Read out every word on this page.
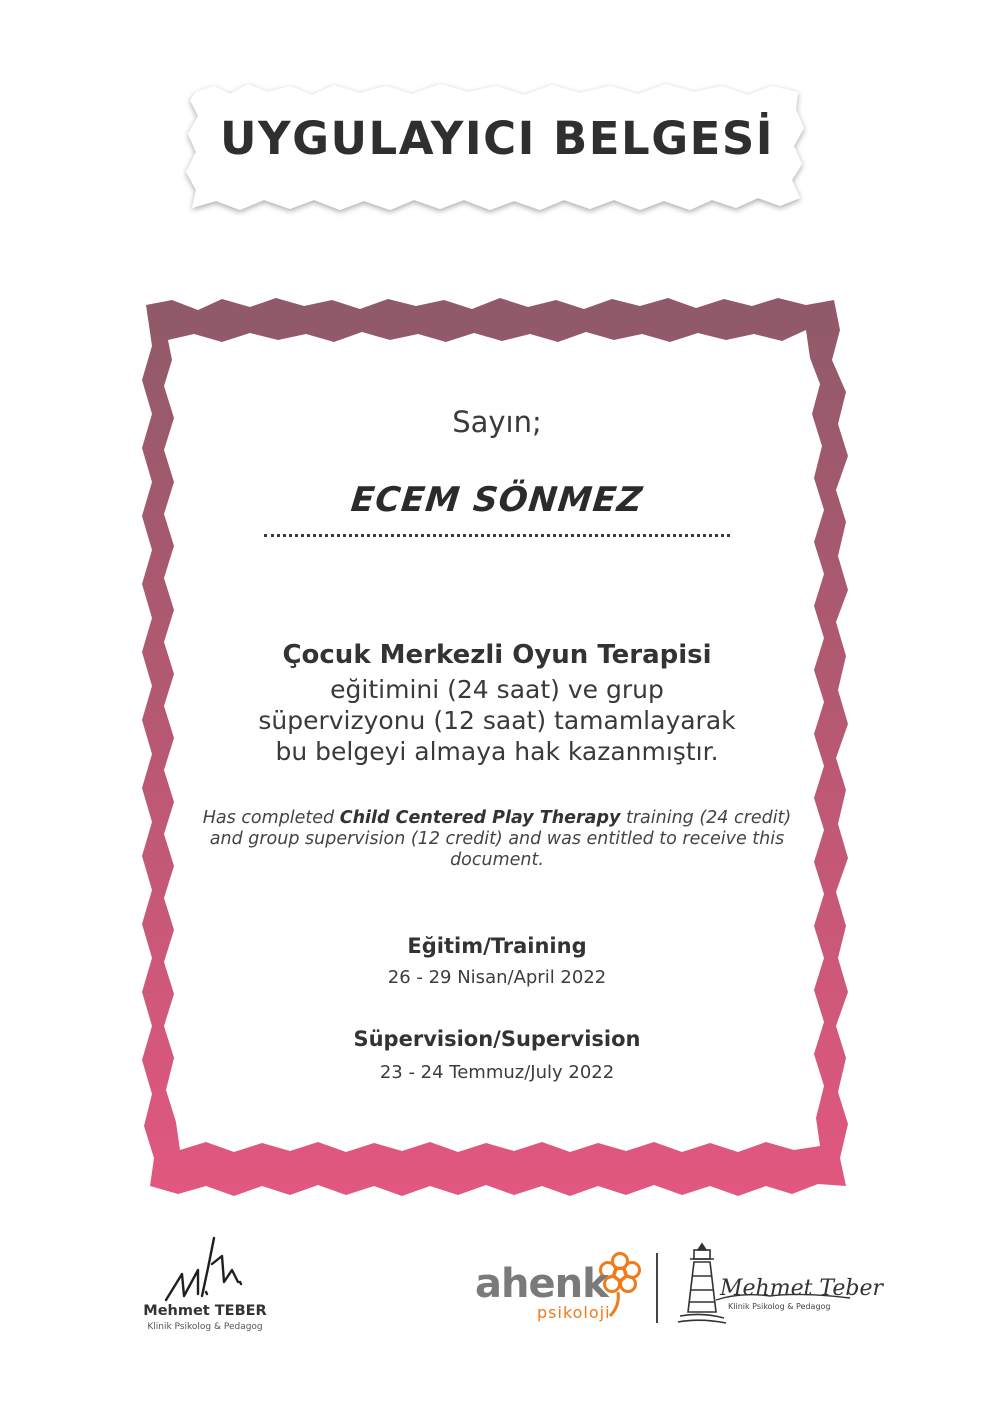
UYGULAYICI BELGESİ
Sayın;
ECEM SÖNMEZ
Çocuk Merkezli Oyun Terapisi
eğitimini (24 saat) ve grup
süpervizyonu (12 saat) tamamlayarak
bu belgeyi almaya hak kazanmıştır.
Has completed Child Centered Play Therapy training (24 credit) and group supervision (12 credit) and was entitled to receive this document.
Eğitim/Training
26 - 29 Nisan/April 2022
Süpervision/Supervision
23 - 24 Temmuz/July 2022
Mehmet TEBER
Klinik Psikolog & Pedagog
ahenk
psikoloji
Mehmet Teber
Klinik Psikolog & Pedagog
